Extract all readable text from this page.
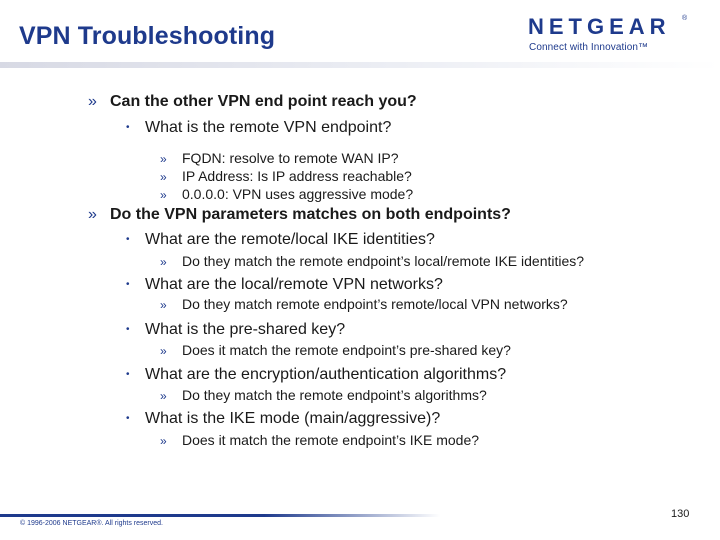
VPN Troubleshooting	NETGEAR ®
Connect with Innovation™
» Can the other VPN end point reach you?
• What is the remote VPN endpoint?
» FQDN: resolve to remote WAN IP?
» IP Address: Is IP address reachable?
» 0.0.0.0: VPN uses aggressive mode?
» Do the VPN parameters matches on both endpoints?
• What are the remote/local IKE identities?
» Do they match the remote endpoint’s local/remote IKE identities?
• What are the local/remote VPN networks?
» Do they match remote endpoint’s remote/local VPN networks?
• What is the pre-shared key?
» Does it match the remote endpoint’s pre-shared key?
• What are the encryption/authentication algorithms?
» Do they match the remote endpoint’s algorithms?
• What is the IKE mode (main/aggressive)?
» Does it match the remote endpoint’s IKE mode?
© 1996-2006 NETGEAR®. All rights reserved.
130
